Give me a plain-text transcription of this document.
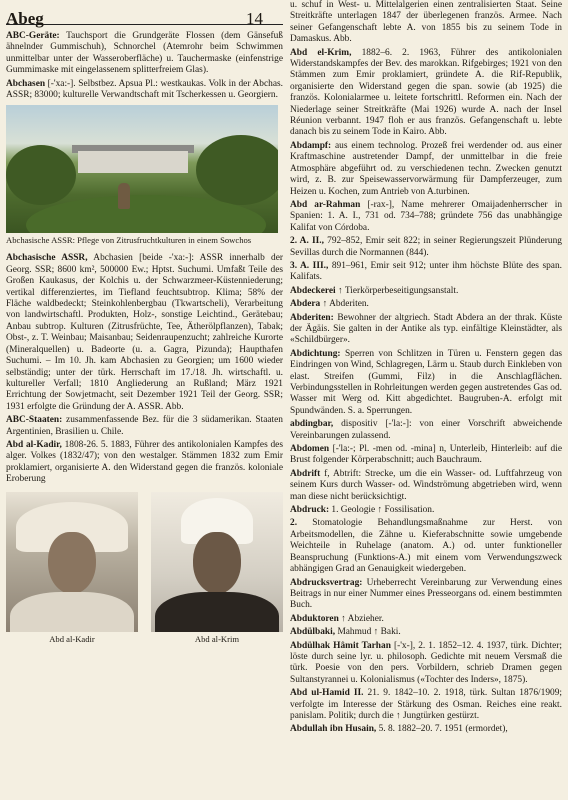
Abeg	14

ABC-Geräte: Tauchsport die Grundgeräte Flossen (dem Gänsefuß ähnelnder Gummischuh), Schnorchel (Atemrohr beim Schwimmen unmittelbar unter der Wasseroberfläche) u. Tauchermaske (einfenstrige Gummimaske mit eingelassenem splitterfreiem Glas).

Abchasen [-'xa:-]. Selbstbez. Apsua Pl.: westkaukas. Volk in der Abchas. ASSR; 83000; kulturelle Verwandtschaft mit Tscherkessen u. Georgiern.

Abchasische ASSR: Pflege von Zitrusfruchtkulturen in einem Sowchos

Abchasische ASSR, Abchasien [beide -'xa:-]: ASSR innerhalb der Georg. SSR; 8600 km², 500000 Ew.; Hptst. Suchumi. Umfaßt Teile des Großen Kaukasus, der Kolchis u. der Schwarzmeer-Küstenniederung; vertikal differenziertes, im Tiefland feuchtsubtrop. Klima; 58% der Fläche waldbedeckt; Steinkohlenbergbau (Tkwartscheli), Verarbeitung von landwirtschaftl. Produkten, Holz-, sonstige Leichtind., Gerätebau; Anbau subtrop. Kulturen (Zitrusfrüchte, Tee, Ätherölpflanzen), Tabak; Obst-, z. T. Weinbau; Maisanbau; Seidenraupenzucht; zahlreiche Kurorte (Mineralquellen) u. Badeorte (u. a. Gagra, Pizunda); Haupthafen Suchumi. – Im 10. Jh. kam Abchasien zu Georgien; um 1600 wieder selbständig; unter der türk. Herrschaft im 17./18. Jh. wirtschaftl. u. kultureller Verfall; 1810 Angliederung an Rußland; März 1921 Errichtung der Sowjetmacht, seit Dezember 1921 Teil der Georg. SSR; 1931 erfolgte die Gründung der A. ASSR. Abb.

ABC-Staaten: zusammenfassende Bez. für die 3 südamerikan. Staaten Argentinien, Brasilien u. Chile.

Abd al-Kadir, 1808-26. 5. 1883, Führer des antikolonialen Kampfes des alger. Volkes (1832/47); von den westalger. Stämmen 1832 zum Emir proklamiert, organisierte A. den Widerstand gegen die französ. koloniale Eroberung

Abd al-Kadir	Abd al-Krim

u. schuf in West- u. Mittelalgerien einen zentralisierten Staat. Seine Streitkräfte unterlagen 1847 der überlegenen französ. Armee. Nach seiner Gefangenschaft lebte A. von 1855 bis zu seinem Tode in Damaskus. Abb.

Abd el-Krim, 1882–6. 2. 1963, Führer des antikolonialen Widerstandskampfes der Bev. des marokkan. Rifgebirges; 1921 von den Stämmen zum Emir proklamiert, gründete A. die Rif-Republik, organisierte den Widerstand gegen die span. sowie (ab 1925) die französ. Kolonialarmee u. leitete fortschrittl. Reformen ein. Nach der Niederlage seiner Streitkräfte (Mai 1926) wurde A. nach der Insel Réunion verbannt. 1947 floh er aus französ. Gefangenschaft u. lebte danach bis zu seinem Tode in Kairo. Abb.

Abdampf: aus einem technolog. Prozeß frei werdender od. aus einer Kraftmaschine austretender Dampf, der unmittelbar in die freie Atmosphäre abgeführt od. zu verschiedenen techn. Zwecken genutzt wird, z. B. zur Speisewasservorwärmung für Dampferzeuger, zum Heizen u. Kochen, zum Antrieb von A.turbinen.

Abd ar-Rahman [-rax-], Name mehrerer Omaijadenherrscher in Spanien: 1. A. I., 731 od. 734–788; gründete 756 das unabhängige Kalifat von Córdoba.

2. A. II., 792–852, Emir seit 822; in seiner Regierungszeit Plünderung Sevillas durch die Normannen (844).

3. A. III., 891–961, Emir seit 912; unter ihm höchste Blüte des span. Kalifats.

Abdeckerei ↑ Tierkörperbeseitigungsanstalt.

Abdera ↑ Abderiten.

Abderiten: Bewohner der altgriech. Stadt Abdera an der thrak. Küste der Ägäis. Sie galten in der Antike als typ. einfältige Kleinstädter, als «Schildbürger».

Abdichtung: Sperren von Schlitzen in Türen u. Fenstern gegen das Eindringen von Wind, Schlagregen, Lärm u. Staub durch Einkleben von elast. Streifen (Gummi, Filz) in die Anschlagflächen. Verbindungsstellen in Rohrleitungen werden gegen austretendes Gas od. Wasser mit Werg od. Kitt abgedichtet. Baugruben-A. erfolgt mit Spundwänden. S. a. Sperrungen.

abdingbar, dispositiv [-'la:-]: von einer Vorschrift abweichende Vereinbarungen zulassend.

Abdomen [-'la:-; Pl. -men od. -mina] n, Unterleib, Hinterleib: auf die Brust folgender Körperabschnitt; auch Bauchraum.

Abdrift f, Abtrift: Strecke, um die ein Wasser- od. Luftfahrzeug von seinem Kurs durch Wasser- od. Windströmung abgetrieben wird, wenn man diese nicht berücksichtigt.

Abdruck: 1. Geologie ↑ Fossilisation.

2. Stomatologie Behandlungsmaßnahme zur Herst. von Arbeitsmodellen, die Zähne u. Kieferabschnitte sowie umgebende Weichteile in Ruhelage (anatom. A.) od. unter funktioneller Beanspruchung (Funktions-A.) mit einem vom Verwendungszweck abhängigen Grad an Genauigkeit wiedergeben.

Abdrucksvertrag: Urheberrecht Vereinbarung zur Verwendung eines Beitrags in nur einer Nummer eines Presseorgans od. einem bestimmten Buch.

Abduktoren ↑ Abzieher.

Abdülbaki, Mahmud ↑ Baki.

Abdülhak Hâmit Tarhan [-'x-], 2. 1. 1852–12. 4. 1937, türk. Dichter; löste durch seine lyr. u. philosoph. Gedichte mit neuem Versmaß die türk. Poesie von den pers. Vorbildern, schrieb Dramen gegen Sultanstyrannei u. Kolonialismus («Tochter des Inders», 1875).

Abd ul-Hamid II. 21. 9. 1842–10. 2. 1918, türk. Sultan 1876/1909; verfolgte im Interesse der Stärkung des Osman. Reiches eine reakt. panislam. Politik; durch die ↑ Jungtürken gestürzt.

Abdullah ibn Husain, 5. 8. 1882–20. 7. 1951 (ermordet),
